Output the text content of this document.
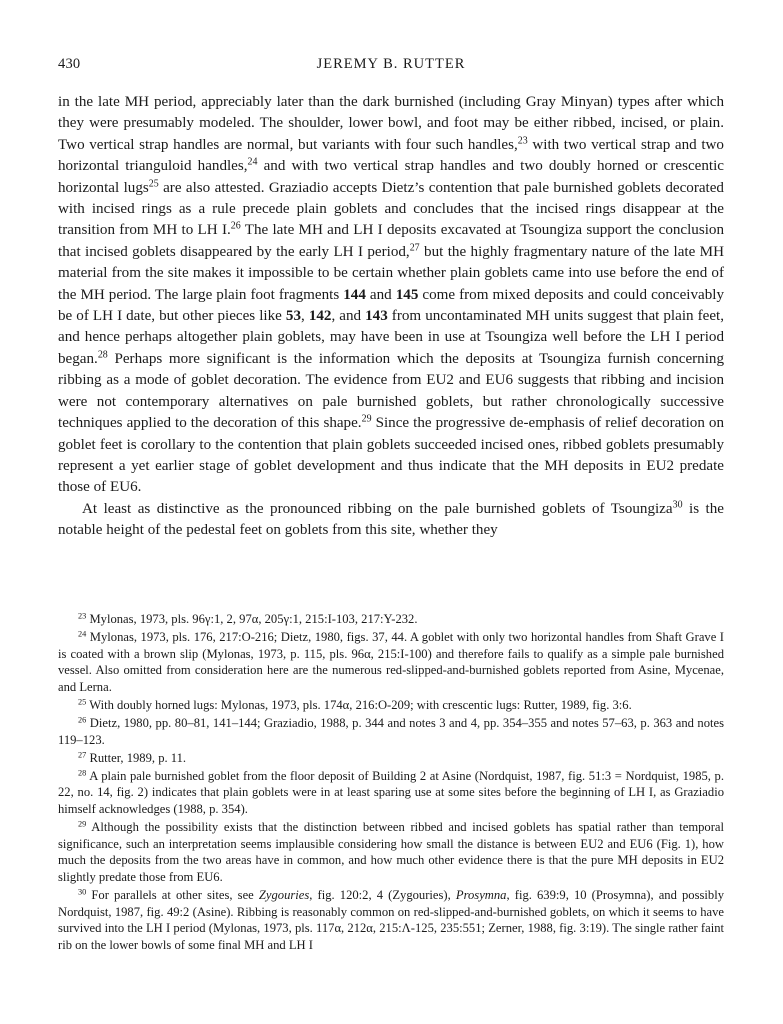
430	JEREMY B. RUTTER

in the late MH period, appreciably later than the dark burnished (including Gray Minyan) types after which they were presumably modeled. The shoulder, lower bowl, and foot may be either ribbed, incised, or plain. Two vertical strap handles are normal, but variants with four such handles,$^{23}$ with two vertical strap and two horizontal trianguloid handles,$^{24}$ and with two vertical strap handles and two doubly horned or crescentic horizontal lugs$^{25}$ are also attested. Graziadio accepts Dietz’s contention that pale burnished goblets decorated with incised rings as a rule precede plain goblets and concludes that the incised rings disappear at the transition from MH to LH I.$^{26}$ The late MH and LH I deposits excavated at Tsoungiza support the conclusion that incised goblets disappeared by the early LH I period,$^{27}$ but the highly fragmentary nature of the late MH material from the site makes it impossible to be certain whether plain goblets came into use before the end of the MH period. The large plain foot fragments 144 and 145 come from mixed deposits and could conceivably be of LH I date, but other pieces like 53, 142, and 143 from uncontaminated MH units suggest that plain feet, and hence perhaps altogether plain goblets, may have been in use at Tsoungiza well before the LH I period began.$^{28}$ Perhaps more significant is the information which the deposits at Tsoungiza furnish concerning ribbing as a mode of goblet decoration. The evidence from EU2 and EU6 suggests that ribbing and incision were not contemporary alternatives on pale burnished goblets, but rather chronologically successive techniques applied to the decoration of this shape.$^{29}$ Since the progressive de-emphasis of relief decoration on goblet feet is corollary to the contention that plain goblets succeeded incised ones, ribbed goblets presumably represent a yet earlier stage of goblet development and thus indicate that the MH deposits in EU2 predate those of EU6.

At least as distinctive as the pronounced ribbing on the pale burnished goblets of Tsoungiza$^{30}$ is the notable height of the pedestal feet on goblets from this site, whether they

$^{23}$ Mylonas, 1973, pls. 96γ:1, 2, 97α, 205γ:1, 215:I-103, 217:Υ-232.

$^{24}$ Mylonas, 1973, pls. 176, 217:O-216; Dietz, 1980, figs. 37, 44. A goblet with only two horizontal handles from Shaft Grave I is coated with a brown slip (Mylonas, 1973, p. 115, pls. 96α, 215:I-100) and therefore fails to qualify as a simple pale burnished vessel. Also omitted from consideration here are the numerous red-slipped-and-burnished goblets reported from Asine, Mycenae, and Lerna.

$^{25}$ With doubly horned lugs: Mylonas, 1973, pls. 174α, 216:O-209; with crescentic lugs: Rutter, 1989, fig. 3:6.

$^{26}$ Dietz, 1980, pp. 80–81, 141–144; Graziadio, 1988, p. 344 and notes 3 and 4, pp. 354–355 and notes 57–63, p. 363 and notes 119–123.

$^{27}$ Rutter, 1989, p. 11.

$^{28}$ A plain pale burnished goblet from the floor deposit of Building 2 at Asine (Nordquist, 1987, fig. 51:3 = Nordquist, 1985, p. 22, no. 14, fig. 2) indicates that plain goblets were in at least sparing use at some sites before the beginning of LH I, as Graziadio himself acknowledges (1988, p. 354).

$^{29}$ Although the possibility exists that the distinction between ribbed and incised goblets has spatial rather than temporal significance, such an interpretation seems implausible considering how small the distance is between EU2 and EU6 (Fig. 1), how much the deposits from the two areas have in common, and how much other evidence there is that the pure MH deposits in EU2 slightly predate those from EU6.

$^{30}$ For parallels at other sites, see Zygouries, fig. 120:2, 4 (Zygouries), Prosymna, fig. 639:9, 10 (Prosymna), and possibly Nordquist, 1987, fig. 49:2 (Asine). Ribbing is reasonably common on red-slipped-and-burnished goblets, on which it seems to have survived into the LH I period (Mylonas, 1973, pls. 117α, 212α, 215:Λ-125, 235:551; Zerner, 1988, fig. 3:19). The single rather faint rib on the lower bowls of some final MH and LH I
